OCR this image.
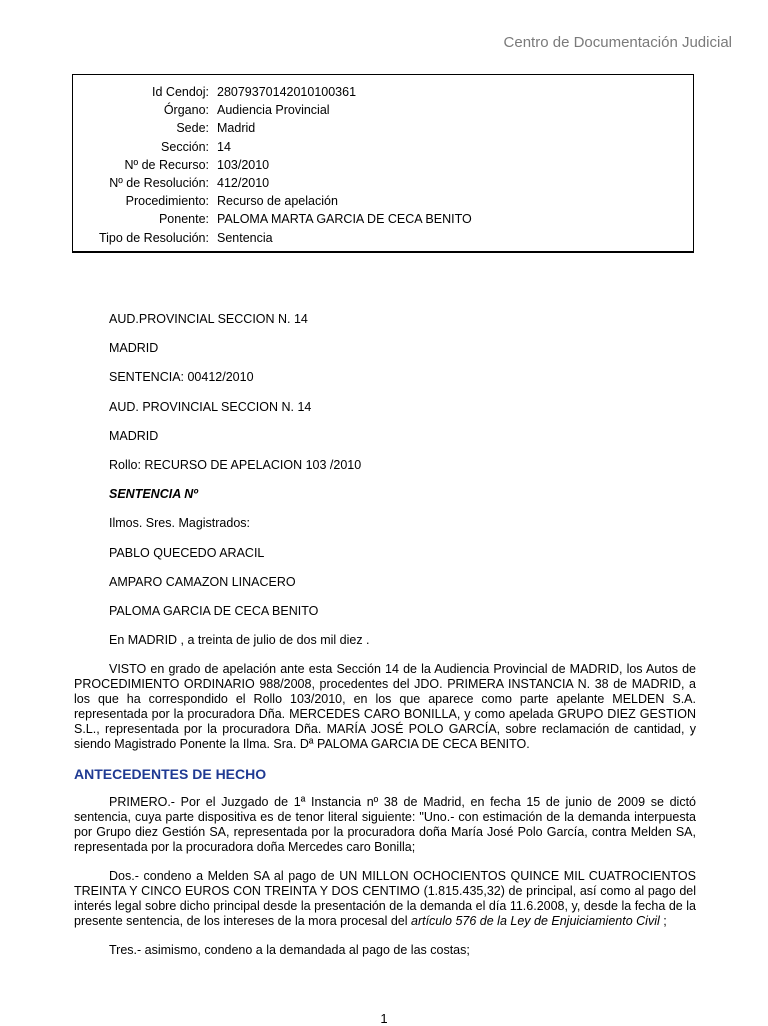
Centro de Documentación Judicial
Id Cendoj: 28079370142010100361
Órgano: Audiencia Provincial
Sede: Madrid
Sección: 14
Nº de Recurso: 103/2010
Nº de Resolución: 412/2010
Procedimiento: Recurso de apelación
Ponente: PALOMA MARTA GARCIA DE CECA BENITO
Tipo de Resolución: Sentencia

AUD.PROVINCIAL SECCION N. 14

MADRID

SENTENCIA: 00412/2010

AUD. PROVINCIAL SECCION N. 14

MADRID

Rollo: RECURSO DE APELACION 103 /2010

SENTENCIA Nº

Ilmos. Sres. Magistrados:

PABLO QUECEDO ARACIL

AMPARO CAMAZON LINACERO

PALOMA GARCIA DE CECA BENITO

En MADRID , a treinta de julio de dos mil diez .

VISTO en grado de apelación ante esta Sección 14 de la Audiencia Provincial de MADRID, los Autos de PROCEDIMIENTO ORDINARIO 988/2008, procedentes del JDO. PRIMERA INSTANCIA N. 38 de MADRID, a los que ha correspondido el Rollo 103/2010, en los que aparece como parte apelante MELDEN S.A. representada por la procuradora Dña. MERCEDES CARO BONILLA, y como apelada GRUPO DIEZ GESTION S.L., representada por la procuradora Dña. MARÍA JOSÉ POLO GARCÍA, sobre reclamación de cantidad, y siendo Magistrado Ponente la Ilma. Sra. Dª PALOMA GARCIA DE CECA BENITO.

ANTECEDENTES DE HECHO

PRIMERO.- Por el Juzgado de 1ª Instancia nº 38 de Madrid, en fecha 15 de junio de 2009 se dictó sentencia, cuya parte dispositiva es de tenor literal siguiente: "Uno.- con estimación de la demanda interpuesta por Grupo diez Gestión SA, representada por la procuradora doña María José Polo García, contra Melden SA, representada por la procuradora doña Mercedes caro Bonilla;

Dos.- condeno a Melden SA al pago de UN MILLON OCHOCIENTOS QUINCE MIL CUATROCIENTOS TREINTA Y CINCO EUROS CON TREINTA Y DOS CENTIMO (1.815.435,32) de principal, así como al pago del interés legal sobre dicho principal desde la presentación de la demanda el día 11.6.2008, y, desde la fecha de la presente sentencia, de los intereses de la mora procesal del artículo 576 de la Ley de Enjuiciamiento Civil ;

Tres.- asimismo, condeno a la demandada al pago de las costas;

1
